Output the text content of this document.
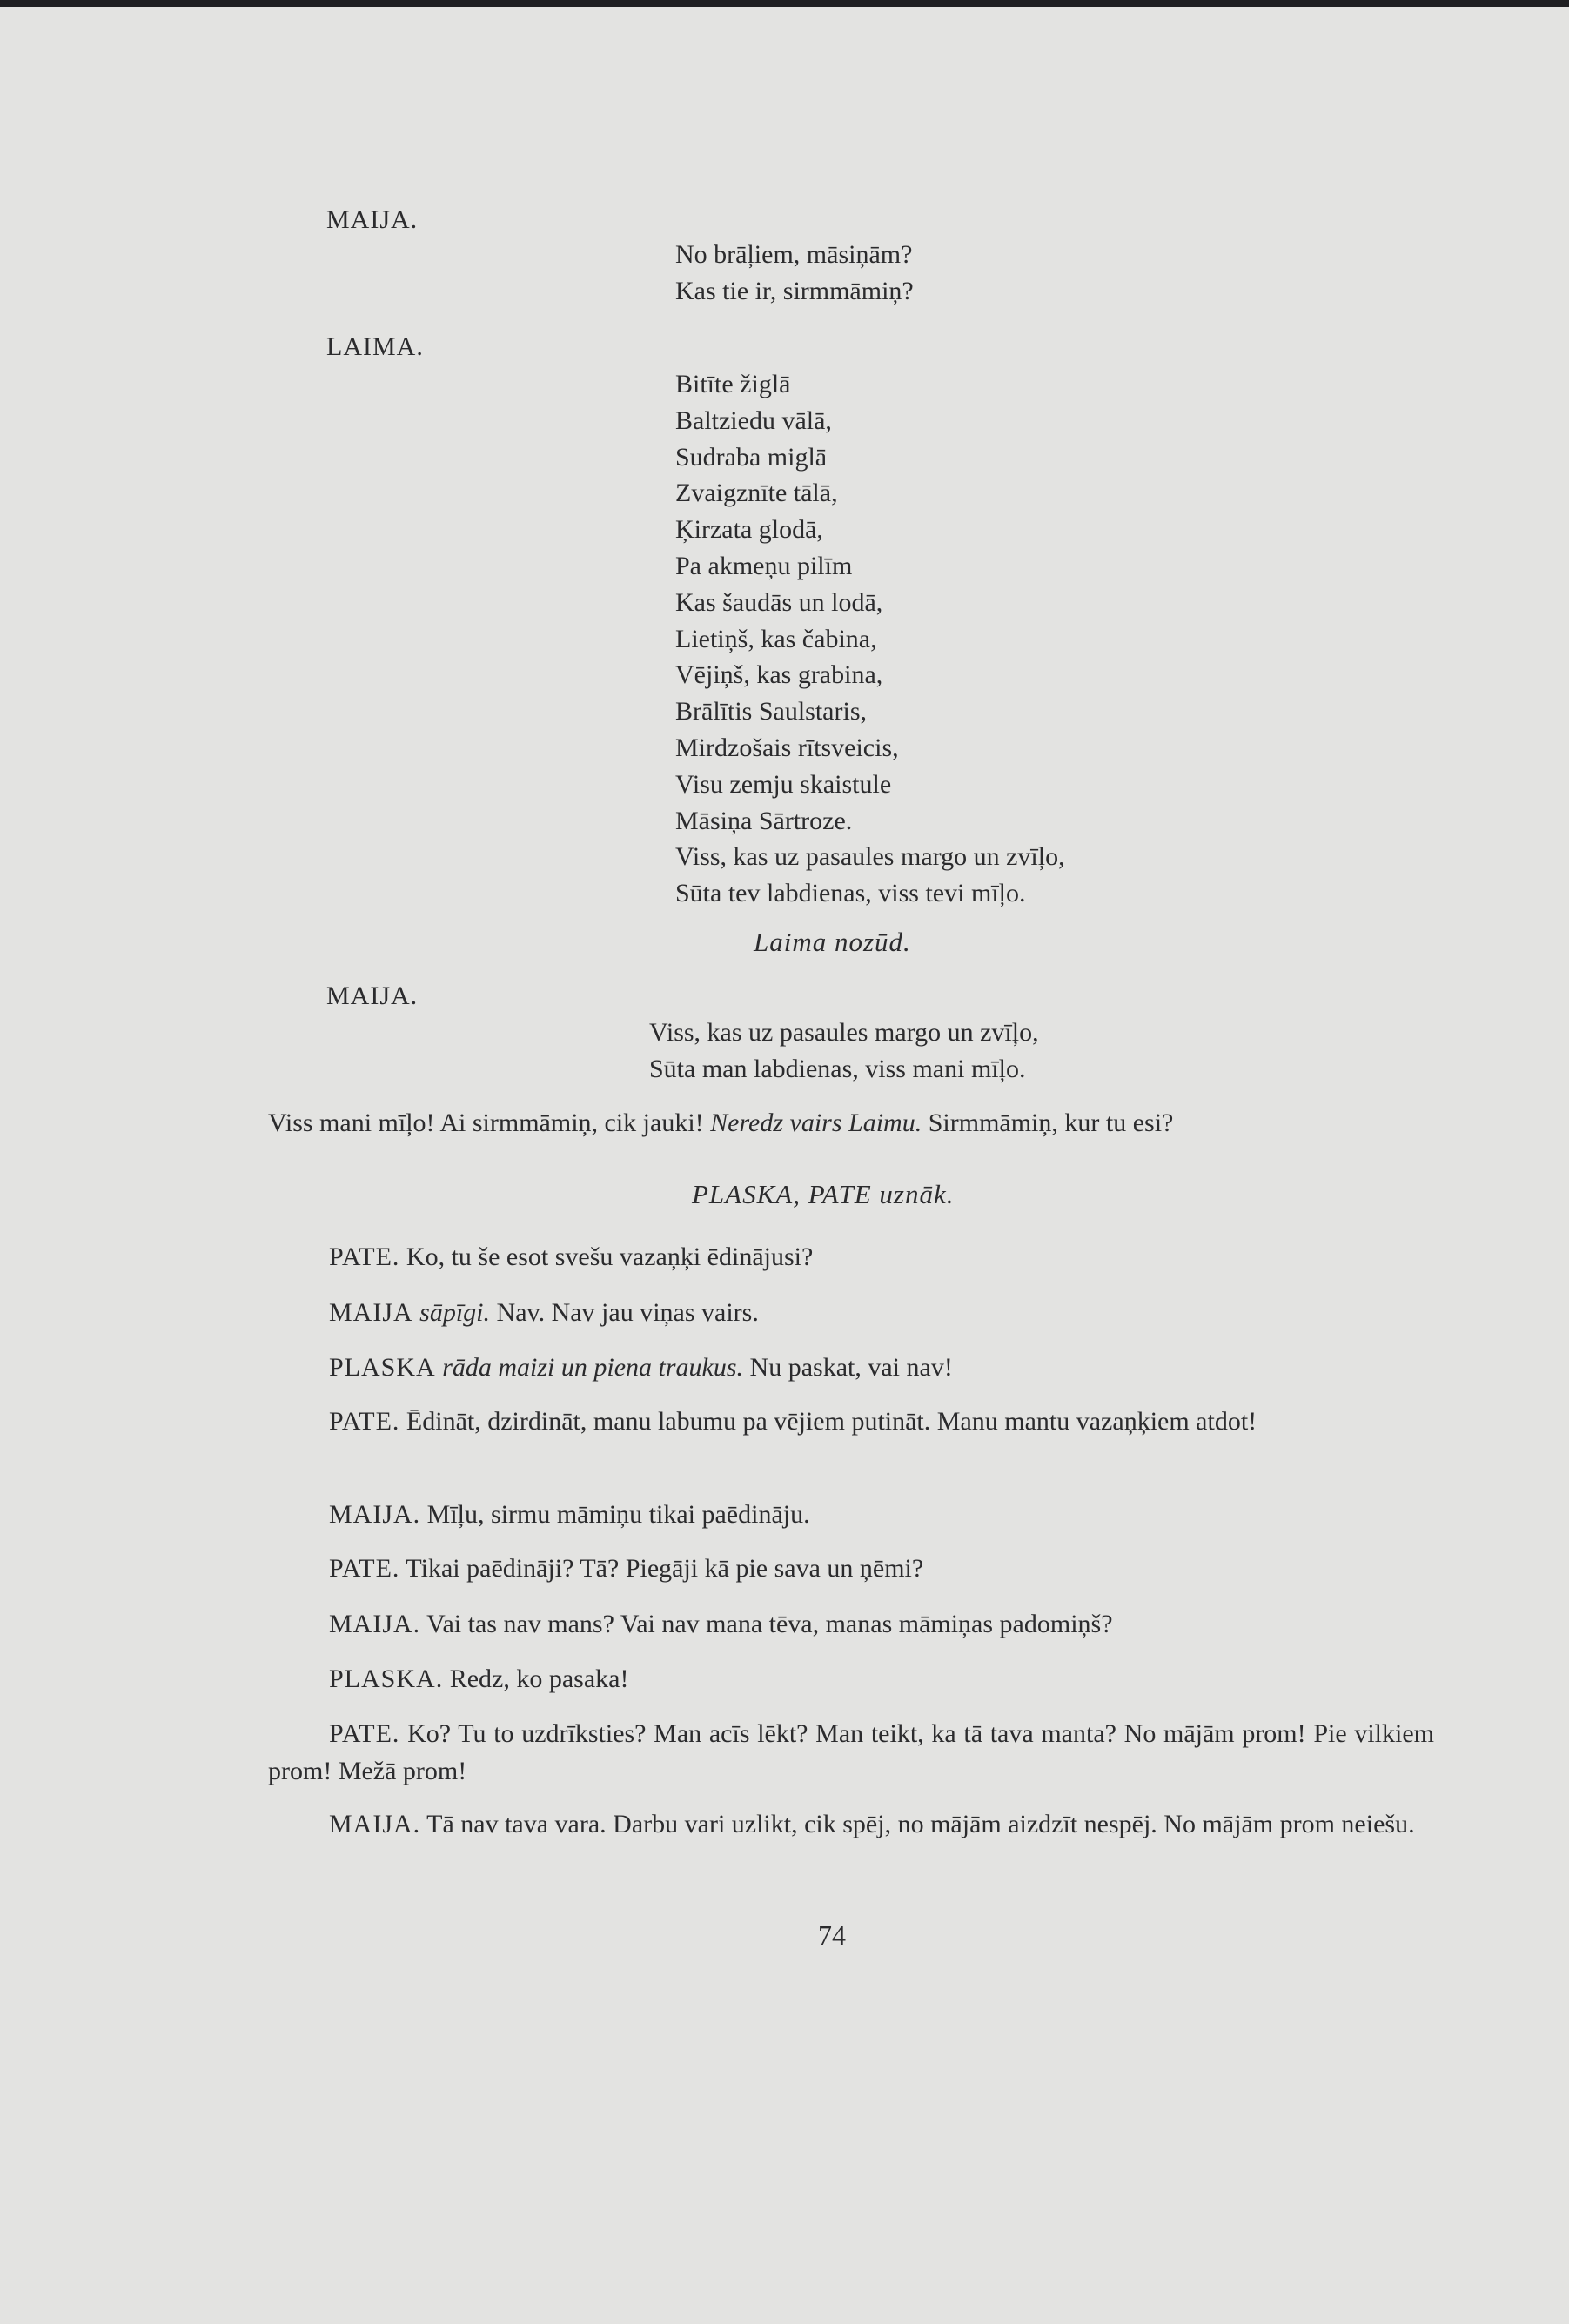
MAIJA.
No brāļiem, māsiņām?
Kas tie ir, sirmmāmiņ?
LAIMA.
Bitīte žiglā
Baltziedu vālā,
Sudraba miglā
Zvaigznīte tālā,
Ķirzata glodā,
Pa akmeņu pilīm
Kas šaudās un lodā,
Lietiņš, kas čabina,
Vējiņš, kas grabina,
Brālītis Saulstaris,
Mirdzošais rītsveicis,
Visu zemju skaistule
Māsiņa Sārtroze.
Viss, kas uz pasaules margo un zvīļo,
Sūta tev labdienas, viss tevi mīļo.
Laima nozūd.
MAIJA.
Viss, kas uz pasaules margo un zvīļo,
Sūta man labdienas, viss mani mīļo.
Viss mani mīļo! Ai sirmmāmiņ, cik jauki! Neredz vairs Laimu. Sirmmāmiņ, kur tu esi?
PLASKA, PATE uznāk.
PATE. Ko, tu še esot svešu vazaņķi ēdinājusi?
MAIJA sāpīgi. Nav. Nav jau viņas vairs.
PLASKA rāda maizi un piena traukus. Nu paskat, vai nav!
PATE. Ēdināt, dzirdināt, manu labumu pa vējiem putināt. Manu mantu vazaņķiem atdot!
MAIJA. Mīļu, sirmu māmiņu tikai paēdināju.
PATE. Tikai paēdināji? Tā? Piegāji kā pie sava un ņēmi?
MAIJA. Vai tas nav mans? Vai nav mana tēva, manas māmiņas padomiņš?
PLASKA. Redz, ko pasaka!
PATE. Ko? Tu to uzdrīksties? Man acīs lēkt? Man teikt, ka tā tava manta? No mājām prom! Pie vilkiem prom! Mežā prom!
MAIJA. Tā nav tava vara. Darbu vari uzlikt, cik spēj, no mājām aizdzīt nespēj. No mājām prom neiešu.
74
